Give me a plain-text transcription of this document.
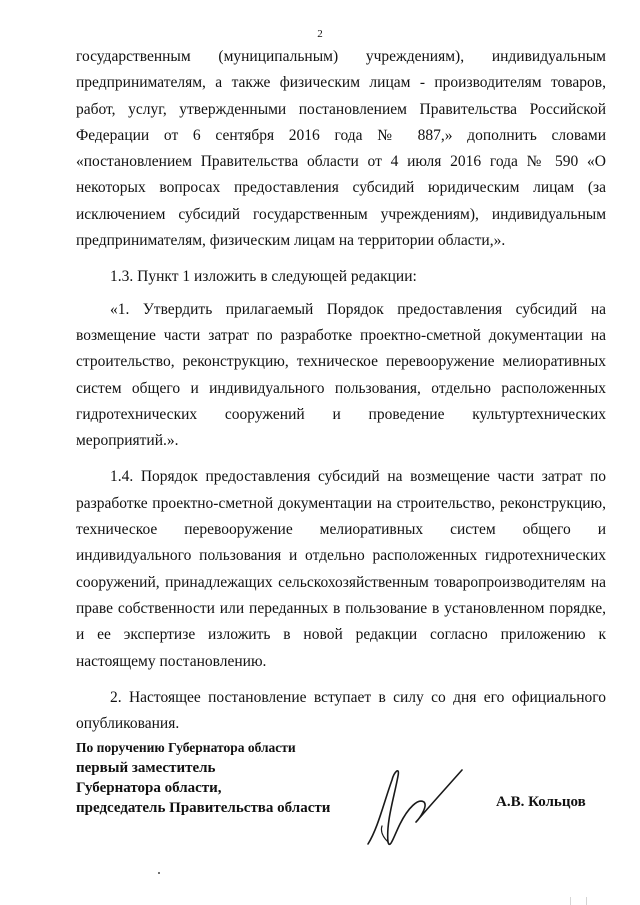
2

государственным (муниципальным) учреждениям), индивидуальным предпринимателям, а также физическим лицам - производителям товаров, работ, услуг, утвержденными постановлением Правительства Российской Федерации от 6 сентября 2016 года № 887,» дополнить словами «постановлением Правительства области от 4 июля 2016 года № 590 «О некоторых вопросах предоставления субсидий юридическим лицам (за исключением субсидий государственным учреждениям), индивидуальным предпринимателям, физическим лицам на территории области,».

1.3. Пункт 1 изложить в следующей редакции:

«1. Утвердить прилагаемый Порядок предоставления субсидий на возмещение части затрат по разработке проектно-сметной документации на строительство, реконструкцию, техническое перевооружение мелиоративных систем общего и индивидуального пользования, отдельно расположенных гидротехнических сооружений и проведение культуртехнических мероприятий.».

1.4. Порядок предоставления субсидий на возмещение части затрат по разработке проектно-сметной документации на строительство, реконструкцию, техническое перевооружение мелиоративных систем общего и индивидуального пользования и отдельно расположенных гидротехнических сооружений, принадлежащих сельскохозяйственным товаропроизводителям на праве собственности или переданных в пользование в установленном порядке, и ее экспертизе изложить в новой редакции согласно приложению к настоящему постановлению.

2. Настоящее постановление вступает в силу со дня его официального опубликования.

По поручению Губернатора области
первый заместитель
Губернатора области,
председатель Правительства области	А.В. Кольцов
| |
